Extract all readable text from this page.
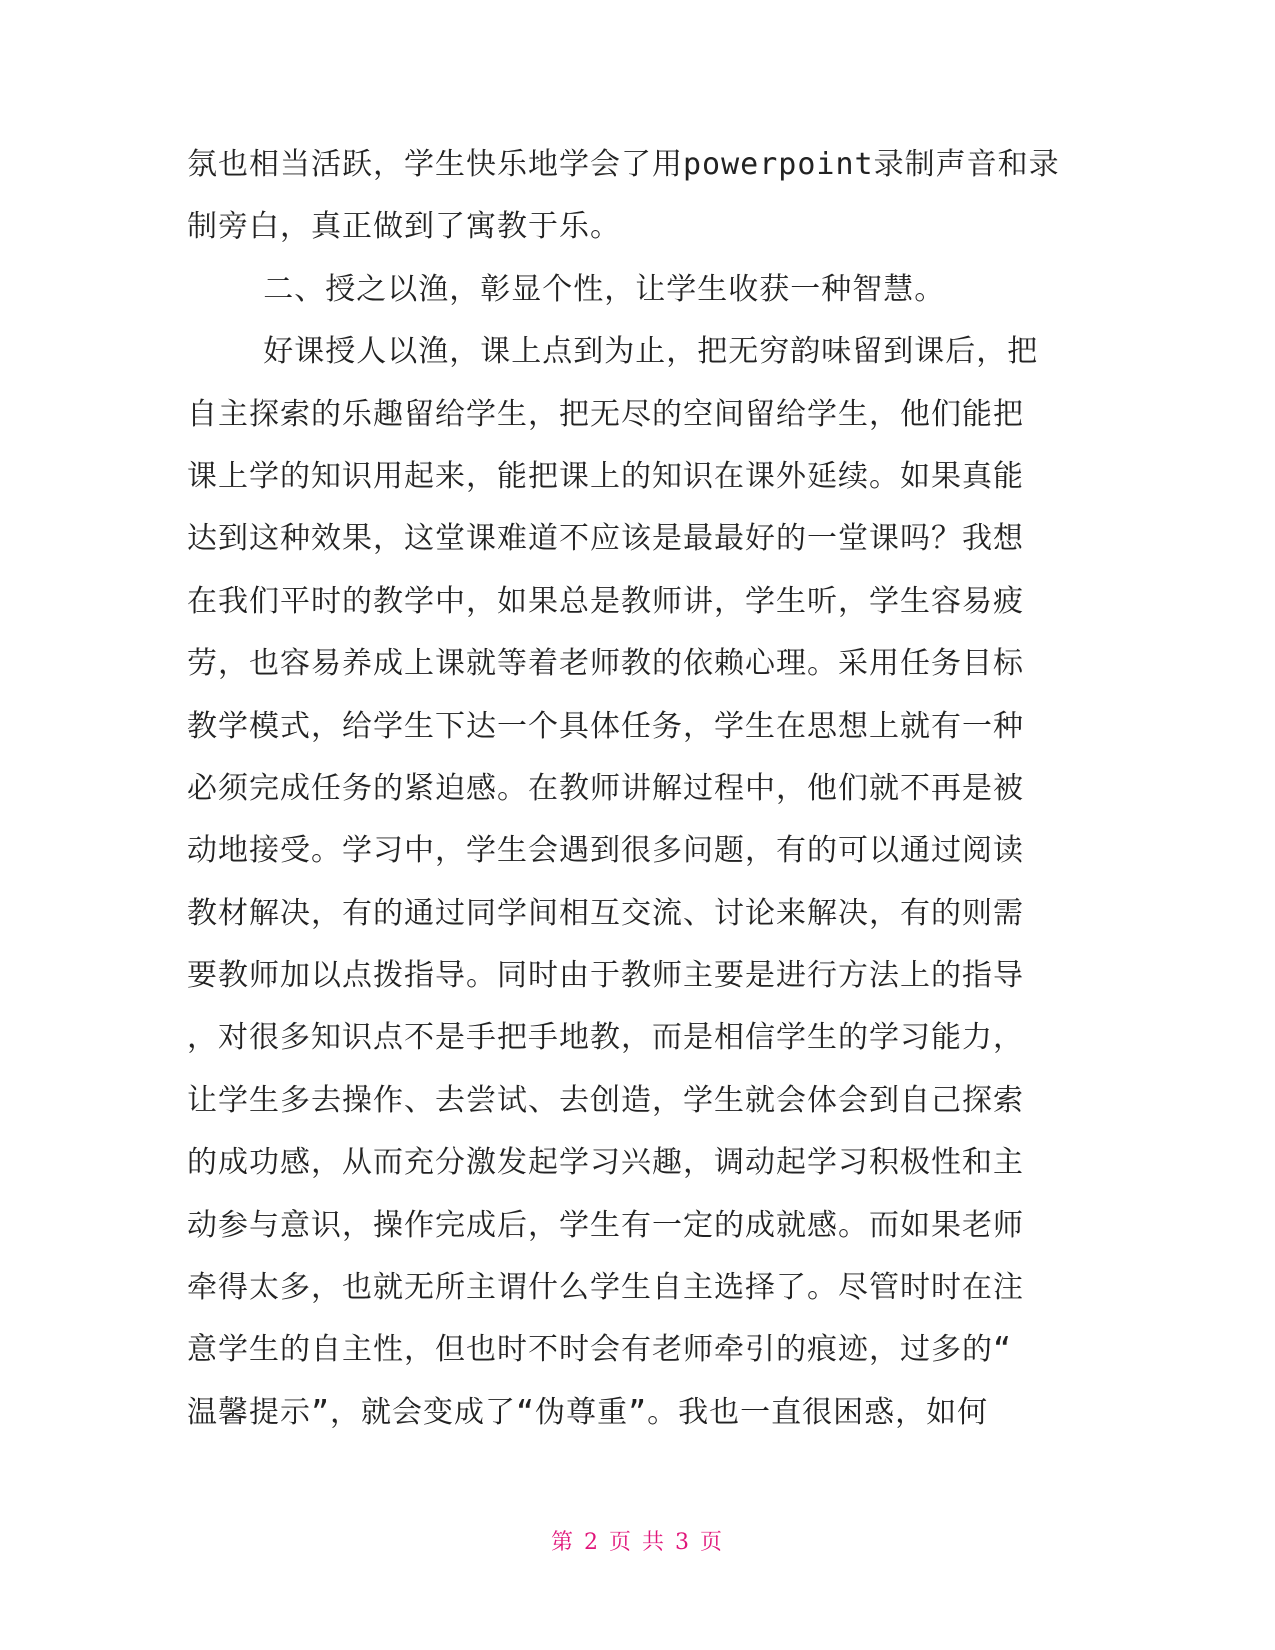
氛也相当活跃，学生快乐地学会了用powerpoint录制声音和录
制旁白，真正做到了寓教于乐。
二、授之以渔，彰显个性，让学生收获一种智慧。
好课授人以渔，课上点到为止，把无穷韵味留到课后，把
自主探索的乐趣留给学生，把无尽的空间留给学生，他们能把
课上学的知识用起来，能把课上的知识在课外延续。如果真能
达到这种效果，这堂课难道不应该是最最好的一堂课吗？我想
在我们平时的教学中，如果总是教师讲，学生听，学生容易疲
劳，也容易养成上课就等着老师教的依赖心理。采用任务目标
教学模式，给学生下达一个具体任务，学生在思想上就有一种
必须完成任务的紧迫感。在教师讲解过程中，他们就不再是被
动地接受。学习中，学生会遇到很多问题，有的可以通过阅读
教材解决，有的通过同学间相互交流、讨论来解决，有的则需
要教师加以点拨指导。同时由于教师主要是进行方法上的指导
，对很多知识点不是手把手地教，而是相信学生的学习能力，
让学生多去操作、去尝试、去创造，学生就会体会到自己探索
的成功感，从而充分激发起学习兴趣，调动起学习积极性和主
动参与意识，操作完成后，学生有一定的成就感。而如果老师
牵得太多，也就无所主谓什么学生自主选择了。尽管时时在注
意学生的自主性，但也时不时会有老师牵引的痕迹，过多的“
温馨提示”，就会变成了“伪尊重”。我也一直很困惑，如何
第 2 页 共 3 页
